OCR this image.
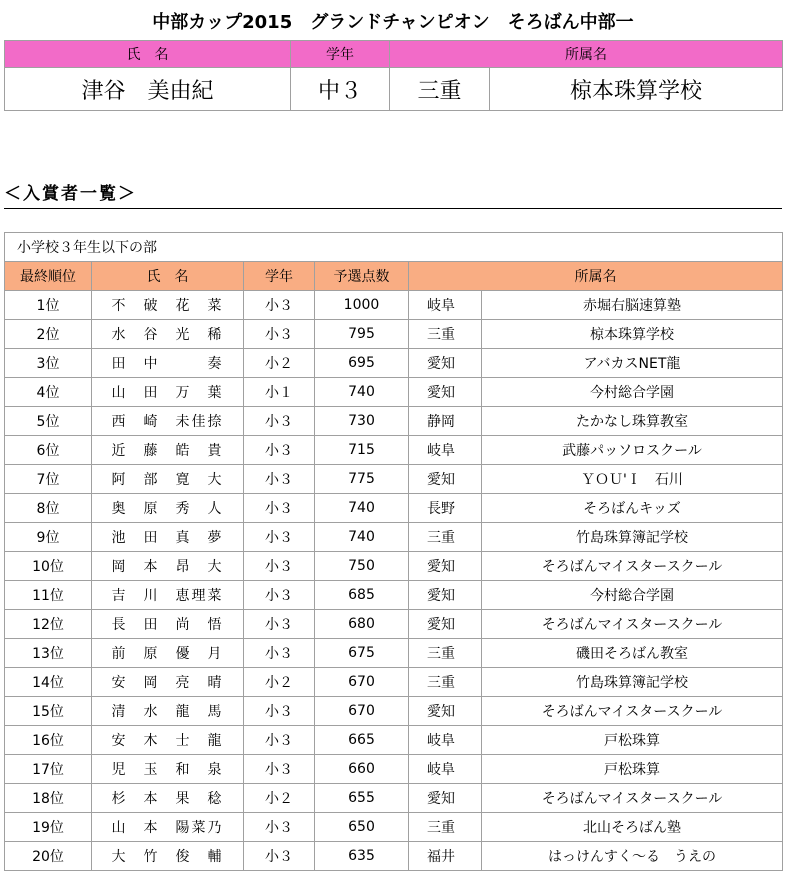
中部カップ2015　グランドチャンピオン　そろばん中部一
氏　名	学年	所属名	
津谷　美由紀	中３	三重	椋本珠算学校
＜入賞者一覧＞
小学校３年生以下の部					
最終順位	氏　名	学年	予選点数	所属名	
1位	不　破　花　菜	小３	1000	岐阜	赤堀右脳速算塾
2位	水　谷　光　稀	小３	795	三重	椋本珠算学校
3位	田　中　　　奏	小２	695	愛知	アバカスNET龍
4位	山　田　万　葉	小１	740	愛知	今村総合学園
5位	西　崎　未佳捺	小３	730	静岡	たかなし珠算教室
6位	近　藤　皓　貴	小３	715	岐阜	武藤パッソロスクール
7位	阿　部　寛　大	小３	775	愛知	ＹＯＵ'Ｉ　石川
8位	奥　原　秀　人	小３	740	長野	そろばんキッズ
9位	池　田　真　夢	小３	740	三重	竹島珠算簿記学校
10位	岡　本　昂　大	小３	750	愛知	そろばんマイスタースクール
11位	吉　川　恵理菜	小３	685	愛知	今村総合学園
12位	長　田　尚　悟	小３	680	愛知	そろばんマイスタースクール
13位	前　原　優　月	小３	675	三重	磯田そろばん教室
14位	安　岡　亮　晴	小２	670	三重	竹島珠算簿記学校
15位	清　水　龍　馬	小３	670	愛知	そろばんマイスタースクール
16位	安　木　士　龍	小３	665	岐阜	戸松珠算
17位	児　玉　和　泉	小３	660	岐阜	戸松珠算
18位	杉　本　果　稔	小２	655	愛知	そろばんマイスタースクール
19位	山　本　陽菜乃	小３	650	三重	北山そろばん塾
20位	大　竹　俊　輔	小３	635	福井	はっけんすく～る　うえの
